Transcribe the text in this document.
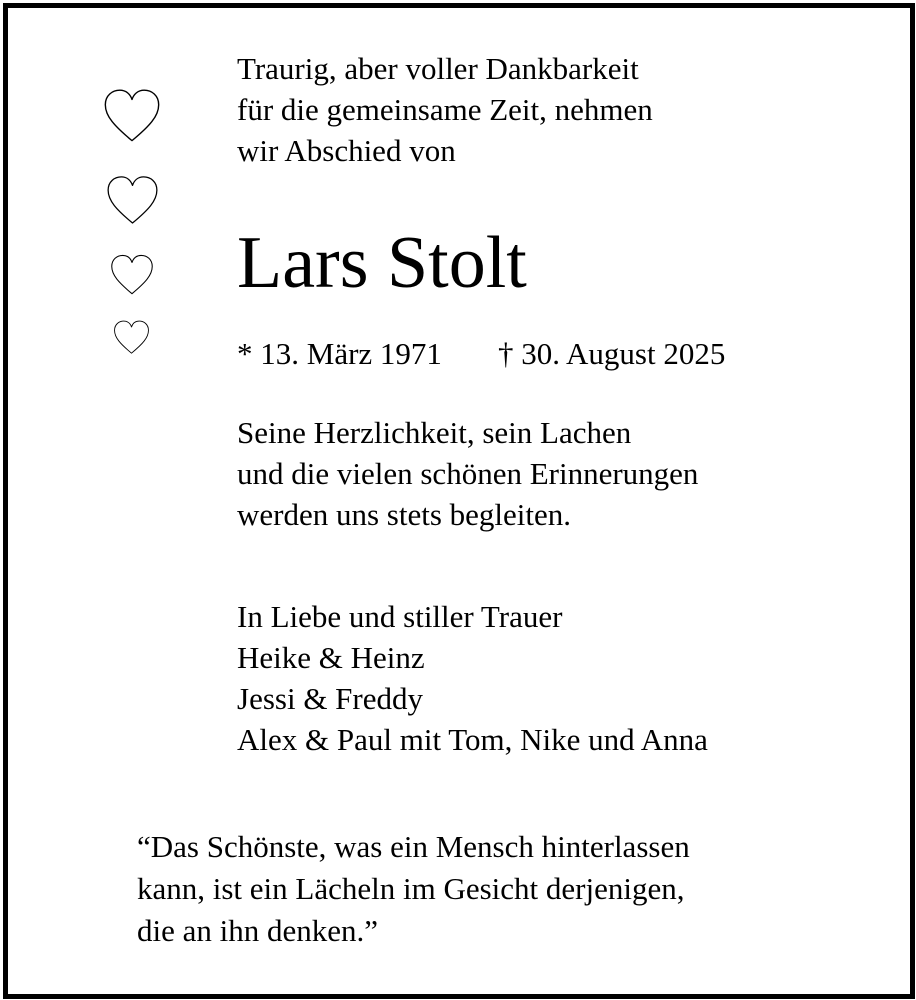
Traurig, aber voller Dankbarkeit
für die gemeinsame Zeit, nehmen
wir Abschied von
Lars Stolt
* 13. März 1971 † 30. August 2025
Seine Herzlichkeit, sein Lachen
und die vielen schönen Erinnerungen
werden uns stets begleiten.
In Liebe und stiller Trauer
Heike & Heinz
Jessi & Freddy
Alex & Paul mit Tom, Nike und Anna
“Das Schönste, was ein Mensch hinterlassen
kann, ist ein Lächeln im Gesicht derjenigen,
die an ihn denken.”
